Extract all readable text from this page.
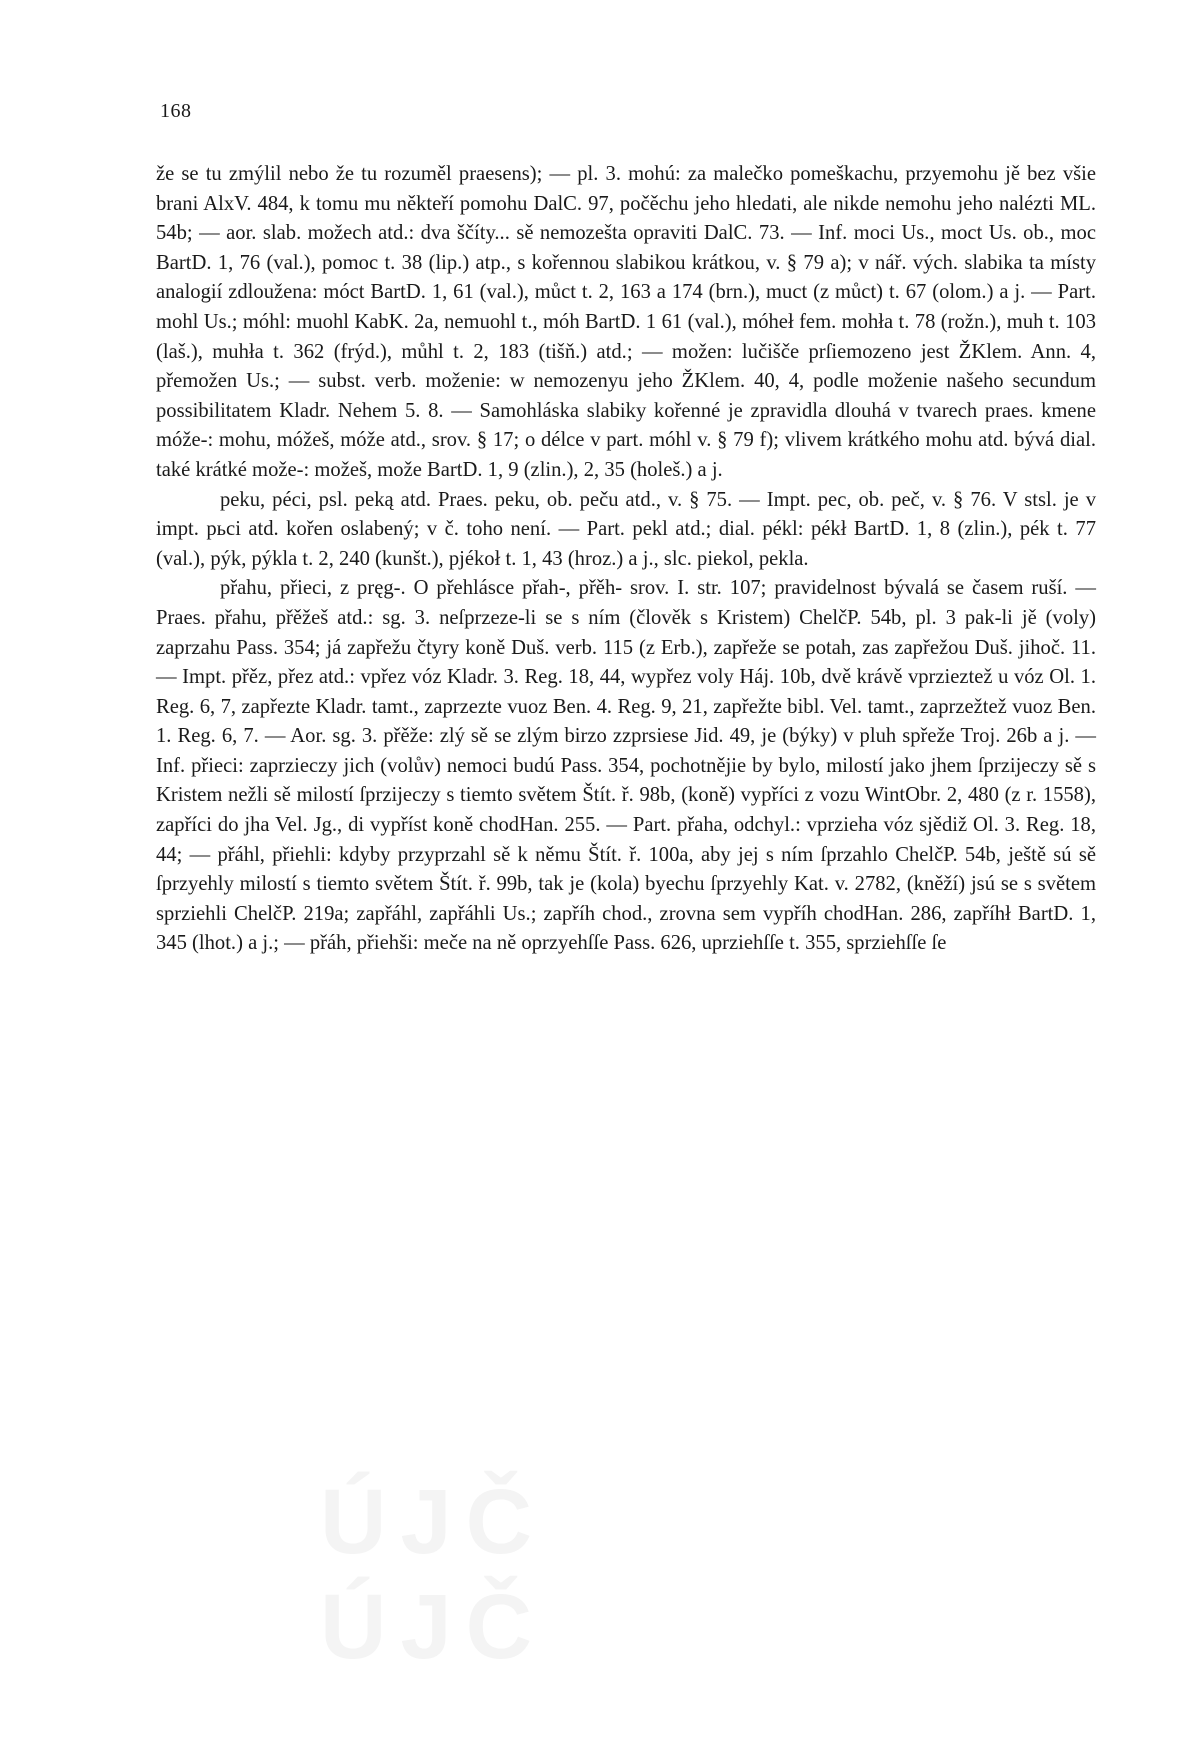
168

že se tu zmýlil nebo že tu rozuměl praesens); — pl. 3. mohú: za malečko pomeškachu, przyemohu jě bez všie brani AlxV. 484, k tomu mu někteří pomohu DalC. 97, počěchu jeho hledati, ale nikde nemohu jeho nalézti ML. 54b; — aor. slab. možech atd.: dva ščíty... sě nemozešta opraviti DalC. 73. — Inf. moci Us., moct Us. ob., moc BartD. 1, 76 (val.), pomoc t. 38 (lip.) atp., s kořennou slabikou krátkou, v. § 79 a); v nář. vých. slabika ta místy analogií zdloužena: móct BartD. 1, 61 (val.), můct t. 2, 163 a 174 (brn.), muct (z můct) t. 67 (olom.) a j. — Part. mohl Us.; móhl: muohl KabK. 2a, nemuohl t., móh BartD. 1 61 (val.), móheł fem. mohła t. 78 (rožn.), muh t. 103 (laš.), muhła t. 362 (frýd.), můhl t. 2, 183 (tišň.) atd.; — možen: lučišče prſiemozeno jest ŽKlem. Ann. 4, přemožen Us.; — subst. verb. moženie: w nemozenyu jeho ŽKlem. 40, 4, podle moženie našeho secundum possibilitatem Kladr. Nehem 5. 8. — Samohláska slabiky kořenné je zpravidla dlouhá v tvarech praes. kmene móže-: mohu, móžeš, móže atd., srov. § 17; o délce v part. móhl v. § 79 f); vlivem krátkého mohu atd. bývá dial. také krátké može-: možeš, može BartD. 1, 9 (zlin.), 2, 35 (holeš.) a j.

peku, péci, psl. peką atd. Praes. peku, ob. peču atd., v. § 75. — Impt. pec, ob. peč, v. § 76. V stsl. je v impt. pьci atd. kořen oslabený; v č. toho není. — Part. pekl atd.; dial. pékl: pékł BartD. 1, 8 (zlin.), pék t. 77 (val.), pýk, pýkla t. 2, 240 (kunšt.), pjékoł t. 1, 43 (hroz.) a j., slc. piekol, pekla.

přahu, přieci, z pręg-. O přehlásce přah-, přěh- srov. I. str. 107; pravidelnost bývalá se časem ruší. — Praes. přahu, přěžeš atd.: sg. 3. neſprzeze-li se s ním (člověk s Kristem) ChelčP. 54b, pl. 3 pak-li jě (voly) zaprzahu Pass. 354; já zapřežu čtyry koně Duš. verb. 115 (z Erb.), zapřeže se potah, zas zapřežou Duš. jihoč. 11. — Impt. přěz, přez atd.: vpřez vóz Kladr. 3. Reg. 18, 44, wypřez voly Háj. 10b, dvě krávě vprzieztež u vóz Ol. 1. Reg. 6, 7, zapřezte Kladr. tamt., zaprzezte vuoz Ben. 4. Reg. 9, 21, zapřežte bibl. Vel. tamt., zaprzežtež vuoz Ben. 1. Reg. 6, 7. — Aor. sg. 3. přěže: zlý sě se zlým birzo zzprsiese Jid. 49, je (býky) v pluh spřeže Troj. 26b a j. — Inf. přieci: zaprzieczy jich (volův) nemoci budú Pass. 354, pochotnějie by bylo, milostí jako jhem ſprzijeczy sě s Kristem nežli sě milostí ſprzijeczy s tiemto světem Štít. ř. 98b, (koně) vypříci z vozu WintObr. 2, 480 (z r. 1558), zapříci do jha Vel. Jg., di vypříst koně chodHan. 255. — Part. přaha, odchyl.: vprzieha vóz sjědiž Ol. 3. Reg. 18, 44; — přáhl, přiehli: kdyby przyprzahl sě k němu Štít. ř. 100a, aby jej s ním ſprzahlo ChelčP. 54b, ještě sú sě ſprzyehly milostí s tiemto světem Štít. ř. 99b, tak je (kola) byechu ſprzyehly Kat. v. 2782, (kněží) jsú se s světem sprziehli ChelčP. 219a; zapřáhl, zapřáhli Us.; zapříh chod., zrovna sem vypříh chodHan. 286, zapříhł BartD. 1, 345 (lhot.) a j.; — přáh, přiehši: meče na ně oprzyehſſe Pass. 626, uprziehſſe t. 355, sprziehſſe ſe

ÚJČ ÚJČ
